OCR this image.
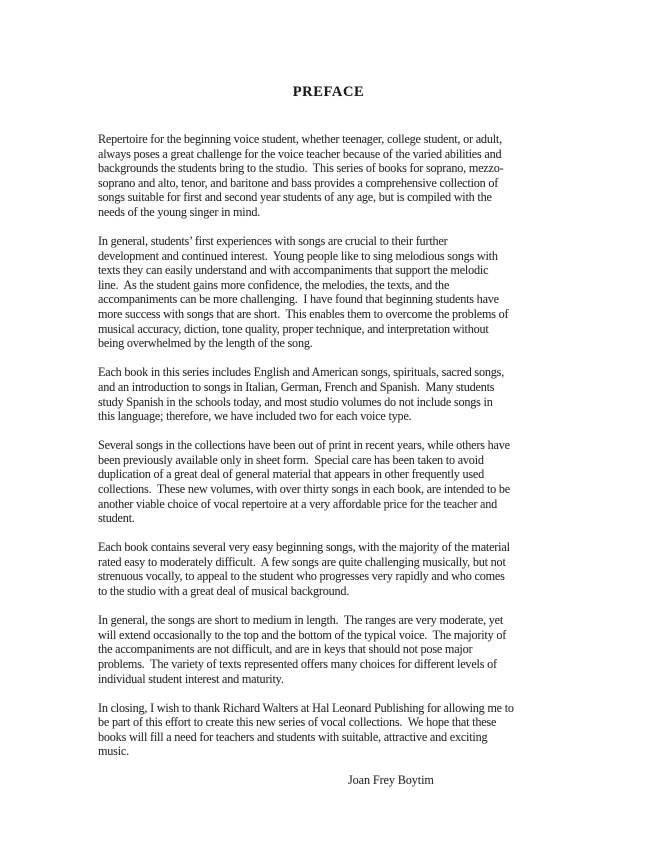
PREFACE
Repertoire for the beginning voice student, whether teenager, college student, or adult,
always poses a great challenge for the voice teacher because of the varied abilities and
backgrounds the students bring to the studio.  This series of books for soprano, mezzo-
soprano and alto, tenor, and baritone and bass provides a comprehensive collection of
songs suitable for first and second year students of any age, but is compiled with the
needs of the young singer in mind.
In general, students’ first experiences with songs are crucial to their further
development and continued interest.  Young people like to sing melodious songs with
texts they can easily understand and with accompaniments that support the melodic
line.  As the student gains more confidence, the melodies, the texts, and the
accompaniments can be more challenging.  I have found that beginning students have
more success with songs that are short.  This enables them to overcome the problems of
musical accuracy, diction, tone quality, proper technique, and interpretation without
being overwhelmed by the length of the song.
Each book in this series includes English and American songs, spirituals, sacred songs,
and an introduction to songs in Italian, German, French and Spanish.  Many students
study Spanish in the schools today, and most studio volumes do not include songs in
this language; therefore, we have included two for each voice type.
Several songs in the collections have been out of print in recent years, while others have
been previously available only in sheet form.  Special care has been taken to avoid
duplication of a great deal of general material that appears in other frequently used
collections.  These new volumes, with over thirty songs in each book, are intended to be
another viable choice of vocal repertoire at a very affordable price for the teacher and
student.
Each book contains several very easy beginning songs, with the majority of the material
rated easy to moderately difficult.  A few songs are quite challenging musically, but not
strenuous vocally, to appeal to the student who progresses very rapidly and who comes
to the studio with a great deal of musical background.
In general, the songs are short to medium in length.  The ranges are very moderate, yet
will extend occasionally to the top and the bottom of the typical voice.  The majority of
the accompaniments are not difficult, and are in keys that should not pose major
problems.  The variety of texts represented offers many choices for different levels of
individual student interest and maturity.
In closing, I wish to thank Richard Walters at Hal Leonard Publishing for allowing me to
be part of this effort to create this new series of vocal collections.  We hope that these
books will fill a need for teachers and students with suitable, attractive and exciting
music.
Joan Frey Boytim
